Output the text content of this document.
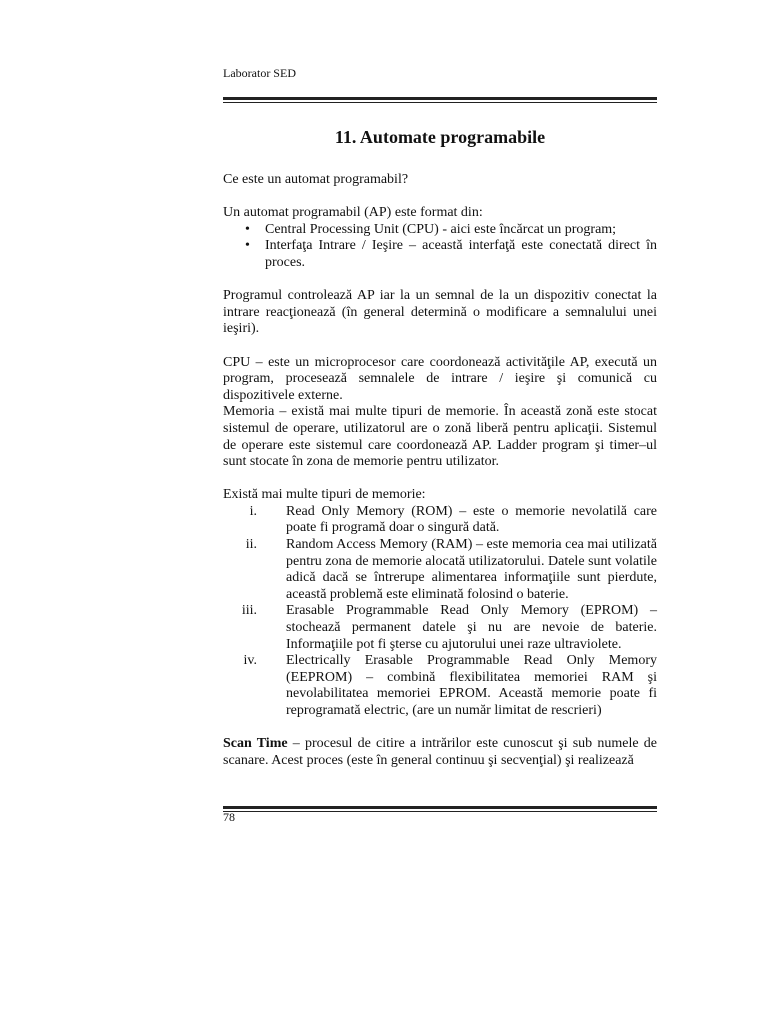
Laborator SED
11. Automate programabile

Ce este un automat programabil?

Un automat programabil (AP) este format din:

• Central Processing Unit (CPU) - aici este încărcat un program;
• Interfaţa Intrare / Ieşire – această interfaţă este conectată direct în proces.

Programul controlează AP iar la un semnal de la un dispozitiv conectat la intrare reacţionează (în general determină o modificare a semnalului unei ieşiri).

CPU – este un microprocesor care coordonează activităţile AP, execută un program, procesează semnalele de intrare / ieşire şi comunică cu dispozitivele externe.

Memoria – există mai multe tipuri de memorie. În această zonă este stocat sistemul de operare, utilizatorul are o zonă liberă pentru aplicaţii. Sistemul de operare este sistemul care coordonează AP. Ladder program şi timer–ul sunt stocate în zona de memorie pentru utilizator.

Există mai multe tipuri de memorie:

i. Read Only Memory (ROM) – este o memorie nevolatilă care poate fi programă doar o singură dată.
ii. Random Access Memory (RAM) – este memoria cea mai utilizată pentru zona de memorie alocată utilizatorului. Datele sunt volatile adică dacă se întrerupe alimentarea informaţiile sunt pierdute, această problemă este eliminată folosind o baterie.
iii. Erasable Programmable Read Only Memory (EPROM) – stochează permanent datele şi nu are nevoie de baterie. Informaţiile pot fi şterse cu ajutorului unei raze ultraviolete.
iv. Electrically Erasable Programmable Read Only Memory (EEPROM) – combină flexibilitatea memoriei RAM şi nevolabilitatea memoriei EPROM. Această memorie poate fi reprogramată electric, (are un număr limitat de rescrieri)

Scan Time – procesul de citire a intrărilor este cunoscut şi sub numele de scanare. Acest proces (este în general continuu şi secvenţial) şi realizează

78
